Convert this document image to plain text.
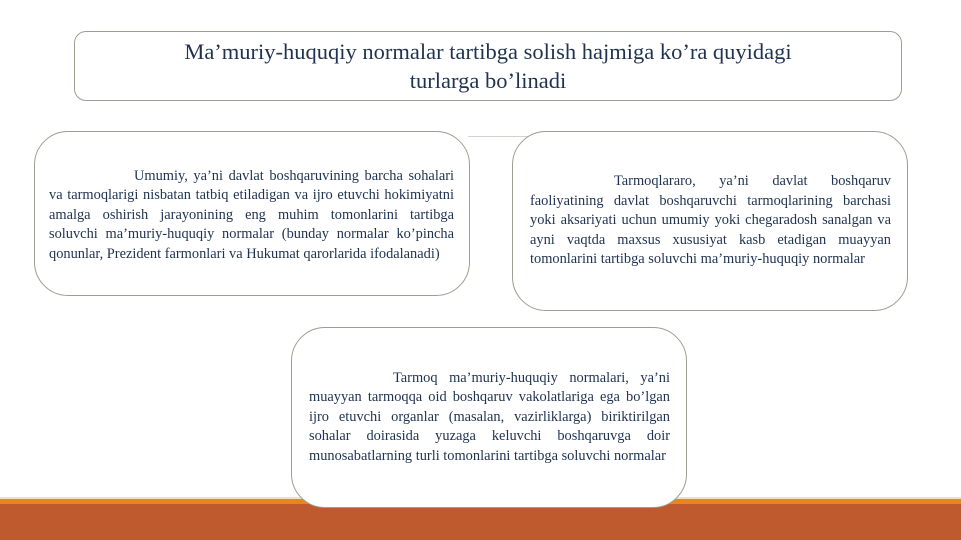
Ma’muriy-huquqiy normalar tartibga solish hajmiga ko’ra quyidagi
turlarga bo’linadi

Umumiy, ya’ni davlat boshqaruvining barcha sohalari va tarmoqlarigi nisbatan tatbiq etiladigan va ijro etuvchi hokimiyatni amalga oshirish jarayonining eng muhim tomonlarini tartibga soluvchi ma’muriy-huquqiy normalar (bunday normalar ko’pincha qonunlar, Prezident farmonlari va Hukumat qarorlarida ifodalanadi)

Tarmoqlararo, ya’ni davlat boshqaruv faoliyatining davlat boshqaruvchi tarmoqlarining barchasi yoki aksariyati uchun umumiy yoki chegaradosh sanalgan va ayni vaqtda maxsus xususiyat kasb etadigan muayyan tomonlarini tartibga soluvchi ma’muriy-huquqiy normalar

Tarmoq ma’muriy-huquqiy normalari, ya’ni muayyan tarmoqqa oid boshqaruv vakolatlariga ega bo’lgan ijro etuvchi organlar (masalan, vazirliklarga) biriktirilgan sohalar doirasida yuzaga keluvchi boshqaruvga doir munosabatlarning turli tomonlarini tartibga soluvchi normalar
